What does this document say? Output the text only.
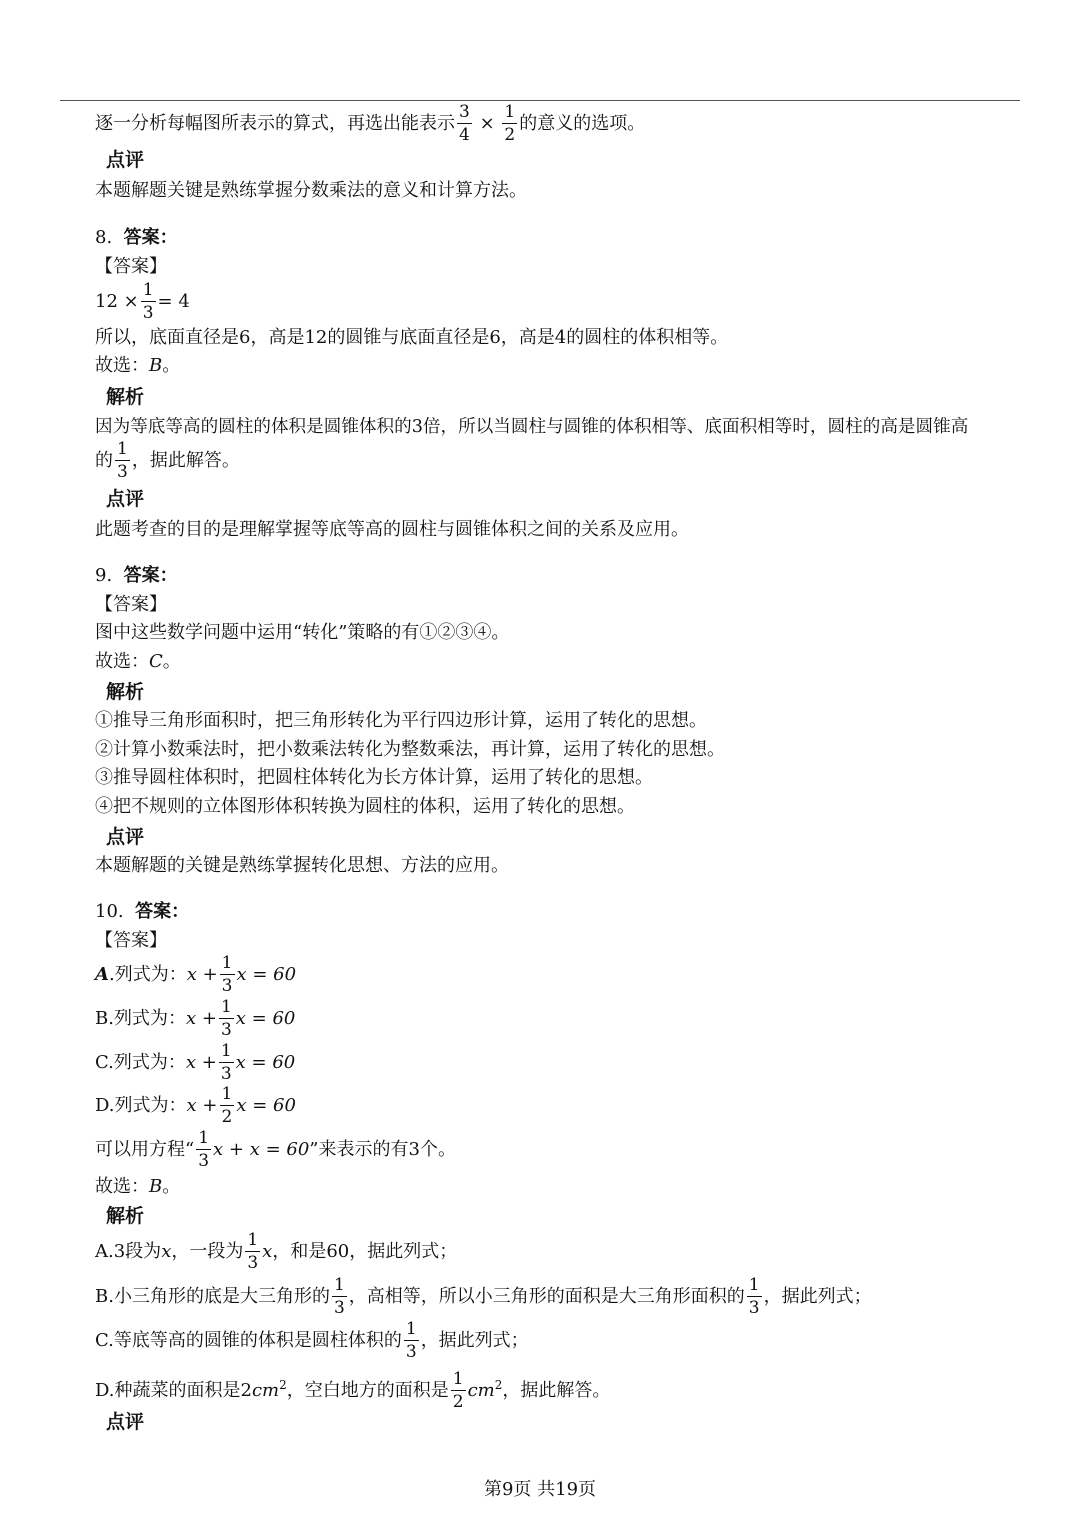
逐一分析每幅图所表示的算式，再选出能表示 $\frac{3}{4} \times \frac{1}{2}$ 的意义的选项。
点评
本题解题关键是熟练掌握分数乘法的意义和计算方法。
8. 答案：
【答案】
$12 \times \frac{1}{3} = 4$
所以，底面直径是6，高是12的圆锥与底面直径是6，高是4的圆柱的体积相等。
故选：B。
解析
因为等底等高的圆柱的体积是圆锥体积的3倍，所以当圆柱与圆锥的体积相等、底面积相等时，圆柱的高是圆锥高
的 $\frac{1}{3}$ ，据此解答。
点评
此题考查的目的是理解掌握等底等高的圆柱与圆锥体积之间的关系及应用。
9. 答案：
【答案】
图中这些数学问题中运用“转化”策略的有①②③④。
故选：C。
解析
①推导三角形面积时，把三角形转化为平行四边形计算，运用了转化的思想。
②计算小数乘法时，把小数乘法转化为整数乘法，再计算，运用了转化的思想。
③推导圆柱体积时，把圆柱体转化为长方体计算，运用了转化的思想。
④把不规则的立体图形体积转换为圆柱的体积，运用了转化的思想。
点评
本题解题的关键是熟练掌握转化思想、方法的应用。
10. 答案：
【答案】
A.列式为：$x + \frac{1}{3}$ x = 60
B.列式为：$x + \frac{1}{3}$ x = 60
C.列式为：$x + \frac{1}{3}$ x = 60
D.列式为：$x + \frac{1}{2}$ x = 60
可以用方程“ $\frac{1}{3}$ x + x = 60”来表示的有3个。
故选：B。
解析
A.3段为x，一段为 $\frac{1}{3}$ x，和是60，据此列式；
B.小三角形的底是大三角形的 $\frac{1}{3}$ ，高相等，所以小三角形的面积是大三角形面积的 $\frac{1}{3}$ ，据此列式；
C.等底等高的圆锥的体积是圆柱体积的 $\frac{1}{3}$ ，据此列式；
D.种蔬菜的面积是$2cm^2$，空白地方的面积是 $\frac{1}{2} cm^2$，据此解答。
点评
第9页 共19页
